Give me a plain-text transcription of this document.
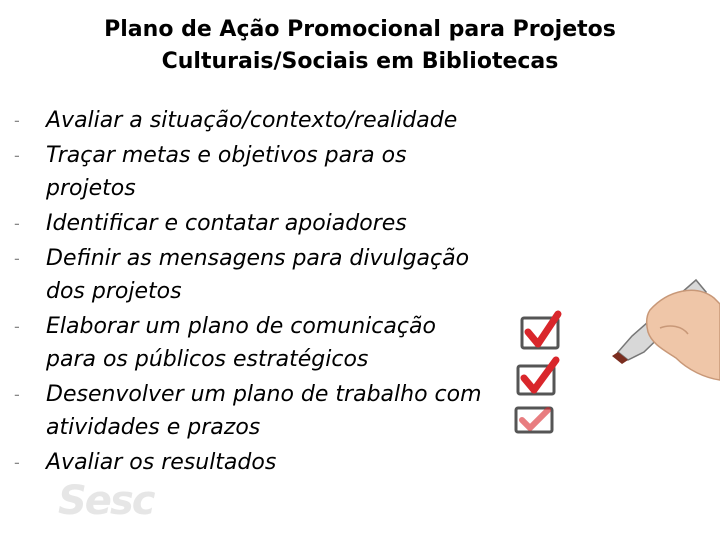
Plano de Ação Promocional para Projetos
Culturais/Sociais em Bibliotecas
- Avaliar a situação/contexto/realidade
- Traçar metas e objetivos para os
projetos
- Identificar e contatar apoiadores
- Definir as mensagens para divulgação
dos projetos
- Elaborar um plano de comunicação
para os públicos estratégicos
- Desenvolver um plano de trabalho com
atividades e prazos
- Avaliar os resultados
Sesc
